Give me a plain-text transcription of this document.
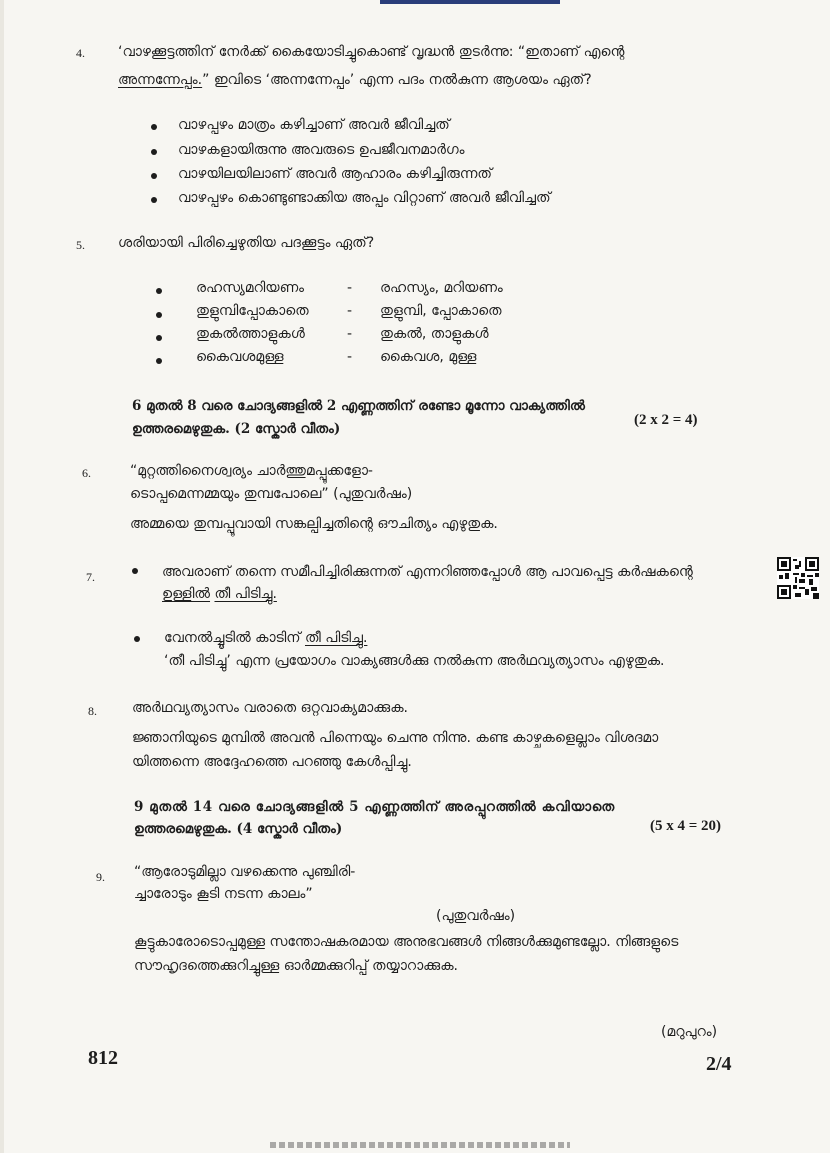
4. ‘വാഴക്കൂട്ടത്തിന് നേർക്ക് കൈയോടിച്ചുകൊണ്ട് വൃദ്ധൻ തുടർന്നു: “ഇതാണ് എന്റെ
അന്നന്നേപ്പം.” ഇവിടെ ‘അന്നന്നേപ്പം’ എന്ന പദം നൽകുന്ന ആശയം ഏത്?
വാഴപ്പഴം മാത്രം കഴിച്ചാണ് അവർ ജീവിച്ചത്
വാഴകളായിരുന്നു അവരുടെ ഉപജീവനമാർഗം
വാഴയിലയിലാണ് അവർ ആഹാരം കഴിച്ചിരുന്നത്
വാഴപ്പഴം കൊണ്ടുണ്ടാക്കിയ അപ്പം വിറ്റാണ് അവർ ജീവിച്ചത്
5. ശരിയായി പിരിച്ചെഴുതിയ പദക്കൂട്ടം ഏത്?
രഹസ്യമറിയണം	- രഹസ്യം, മറിയണം
തുളുമ്പിപ്പോകാതെ	- തുളുമ്പി, പ്പോകാതെ
തുകൽത്താളുകൾ	- തുകൽ, താളുകൾ
കൈവശമുള്ള	- കൈവശ, മുള്ള
6 മുതൽ 8 വരെ ചോദ്യങ്ങളിൽ 2 എണ്ണത്തിന് രണ്ടോ മൂന്നോ വാക്യത്തിൽ
ഉത്തരമെഴുതുക. (2 സ്കോർ വീതം)
(2 x 2 = 4)
6.	“മുറ്റത്തിനൈശ്വര്യം ചാർത്തുമപ്പൂക്കളോ-
ടൊപ്പമെന്നമ്മയും തുമ്പപോലെ” (പുതുവർഷം)
അമ്മയെ തുമ്പപ്പൂവായി സങ്കല്പിച്ചതിന്റെ ഔചിത്യം എഴുതുക.
7.	അവരാണ് തന്നെ സമീപിച്ചിരിക്കുന്നത് എന്നറിഞ്ഞപ്പോൾ ആ പാവപ്പെട്ട കർഷകന്റെ
ഉള്ളിൽ തീ പിടിച്ചു.
വേനൽച്ചൂടിൽ കാടിന് തീ പിടിച്ചു.
‘തീ പിടിച്ചു’ എന്ന പ്രയോഗം വാക്യങ്ങൾക്കു നൽകുന്ന അർഥവ്യത്യാസം എഴുതുക.
8.	അർഥവ്യത്യാസം വരാതെ ഒറ്റവാക്യമാക്കുക.
ജ്ഞാനിയുടെ മുമ്പിൽ അവൻ പിന്നെയും ചെന്നു നിന്നു. കണ്ട കാഴ്ചകളെല്ലാം വിശദമാ
യിത്തന്നെ അദ്ദേഹത്തെ പറഞ്ഞു കേൾപ്പിച്ചു.
9 മുതൽ 14 വരെ ചോദ്യങ്ങളിൽ 5 എണ്ണത്തിന് അരപ്പുറത്തിൽ കവിയാതെ
ഉത്തരമെഴുതുക. (4 സ്കോർ വീതം)	(5 x 4 = 20)
9. “ആരോടുമില്ലാ വഴക്കെന്നു പുഞ്ചിരി-
ച്ചാരോടും കൂടി നടന്ന കാലം”
(പുതുവർഷം)
കൂട്ടുകാരോടൊപ്പമുള്ള സന്തോഷകരമായ അനുഭവങ്ങൾ നിങ്ങൾക്കുമുണ്ടല്ലോ. നിങ്ങളുടെ
സൗഹൃദത്തെക്കുറിച്ചുള്ള ഓർമ്മക്കുറിപ്പ് തയ്യാറാക്കുക.
(മറുപുറം)
812	2/4
